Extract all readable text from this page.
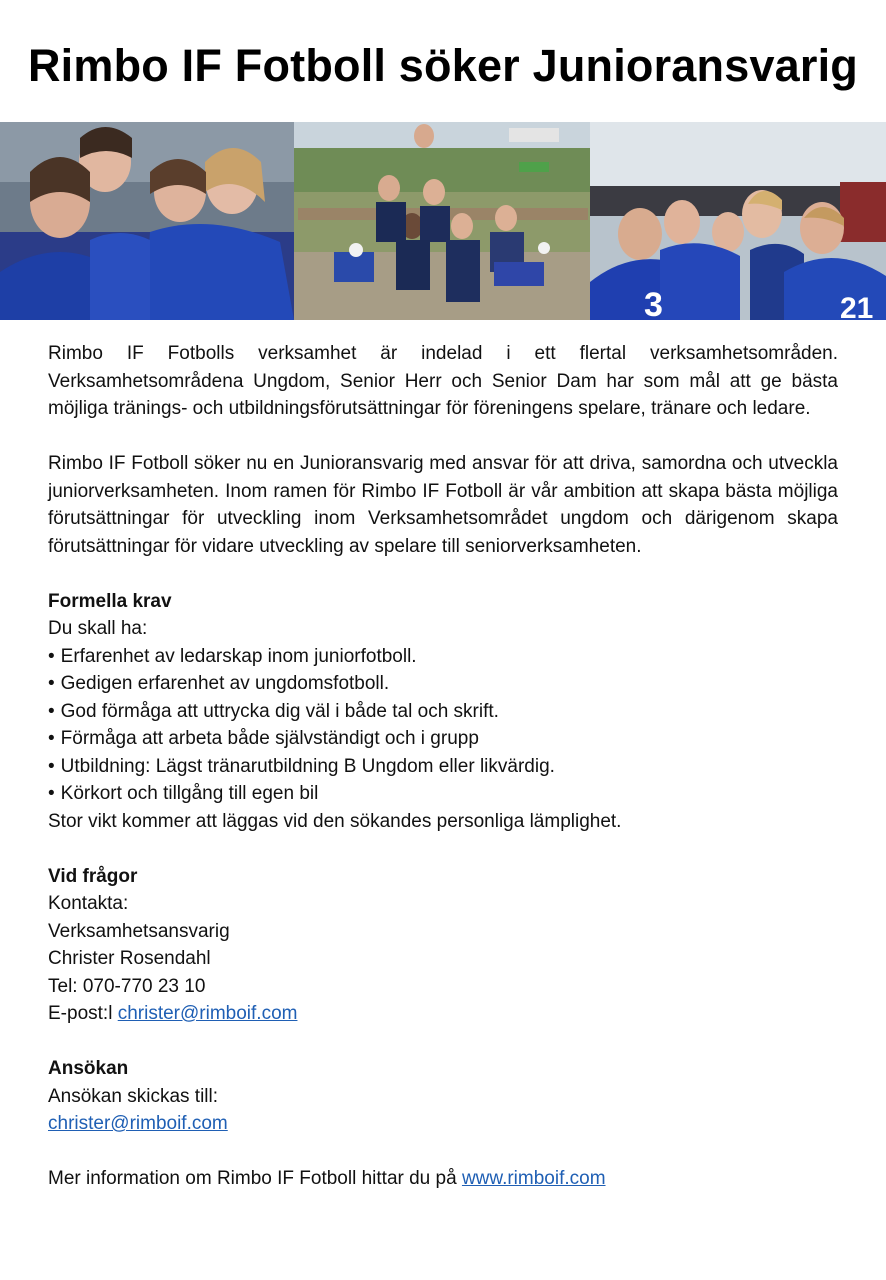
Rimbo IF Fotboll söker Junioransvarig
3	21

Rimbo IF Fotbolls verksamhet är indelad i ett flertal verksamhetsområden. Verksamhetsområdena Ungdom, Senior Herr och Senior Dam har som mål att ge bästa möjliga tränings- och utbildningsförutsättningar för föreningens spelare, tränare och ledare.

Rimbo IF Fotboll söker nu en Junioransvarig med ansvar för att driva, samordna och utveckla juniorverksamheten. Inom ramen för Rimbo IF Fotboll är vår ambition att skapa bästa möjliga förutsättningar för utveckling inom Verksamhetsområdet ungdom och därigenom skapa förutsättningar för vidare utveckling av spelare till seniorverksamheten.

Formella krav

Du skall ha:

• Erfarenhet av ledarskap inom juniorfotboll.
• Gedigen erfarenhet av ungdomsfotboll.
• God förmåga att uttrycka dig väl i både tal och skrift.
• Förmåga att arbeta både självständigt och i grupp
• Utbildning: Lägst tränarutbildning B Ungdom eller likvärdig.
• Körkort och tillgång till egen bil

Stor vikt kommer att läggas vid den sökandes personliga lämplighet.

Vid frågor

Kontakta:

Verksamhetsansvarig

Christer Rosendahl

Tel: 070-770 23 10

E-post:l christer@rimboif.com

Ansökan

Ansökan skickas till:

christer@rimboif.com

Mer information om Rimbo IF Fotboll hittar du på www.rimboif.com
